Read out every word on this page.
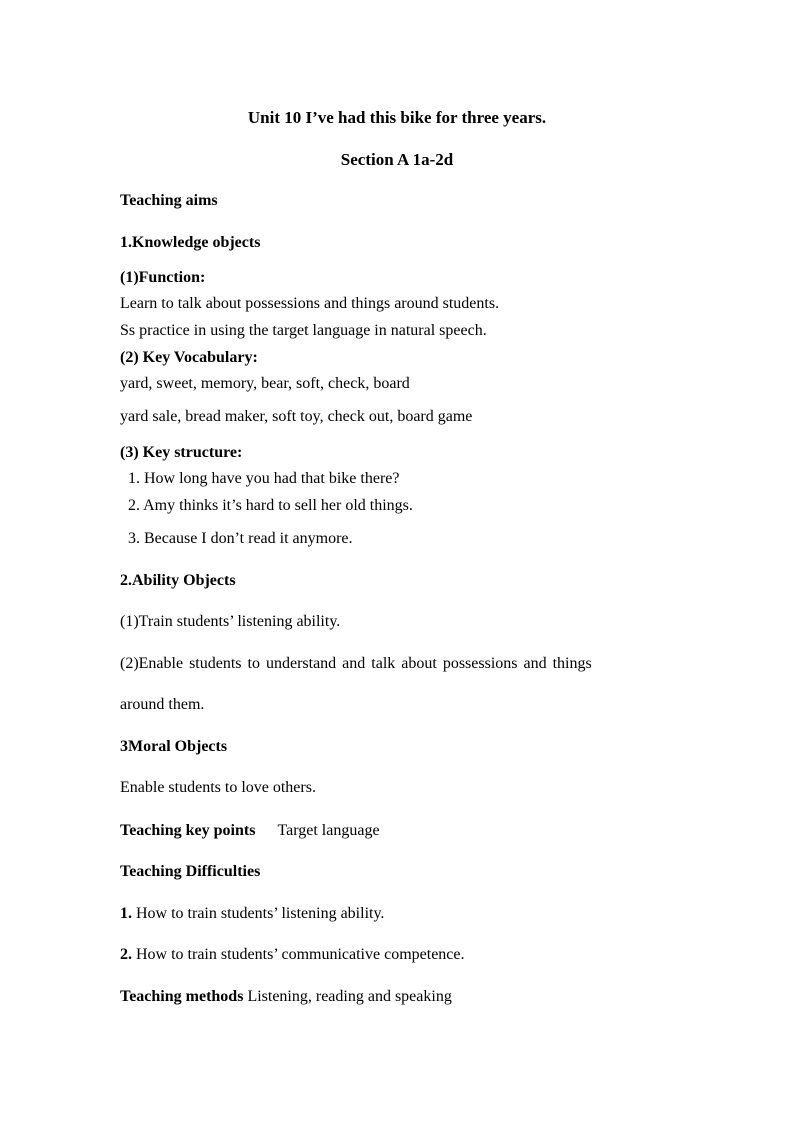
Unit 10 I’ve had this bike for three years.
Section A 1a-2d
Teaching aims
1.Knowledge objects
(1)Function:
Learn to talk about possessions and things around students.
Ss practice in using the target language in natural speech.
(2) Key Vocabulary:
yard, sweet, memory, bear, soft, check, board
yard sale, bread maker, soft toy, check out, board game
(3) Key structure:
1. How long have you had that bike there?
2. Amy thinks it’s hard to sell her old things.
3. Because I don’t read it anymore.
2.Ability Objects
(1)Train students’ listening ability.
(2)Enable students to understand and talk about possessions and things
around them.
3Moral Objects
Enable students to love others.
Teaching key points Target language
Teaching Difficulties
1. How to train students’ listening ability.
2. How to train students’ communicative competence.
Teaching methods Listening, reading and speaking
